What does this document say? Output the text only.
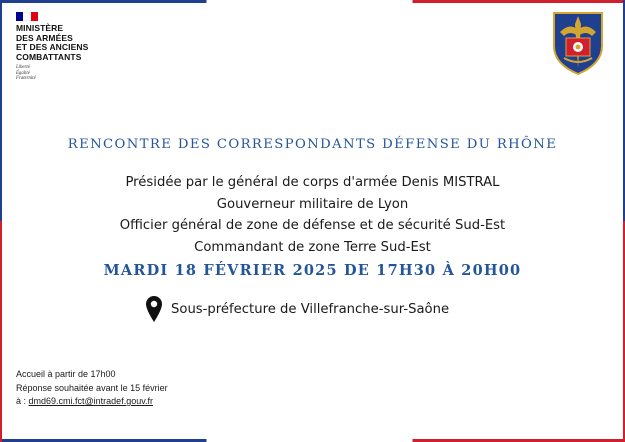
MINISTÈRE
DES ARMÉES
ET DES ANCIENS
COMBATTANTS
Liberté
Égalité
Fraternité
RENCONTRE DES CORRESPONDANTS DÉFENSE DU RHÔNE
Présidée par le général de corps d'armée Denis MISTRAL
Gouverneur militaire de Lyon
Officier général de zone de défense et de sécurité Sud-Est
Commandant de zone Terre Sud-Est
MARDI 18 FÉVRIER 2025 DE 17H30 À 20H00
Sous-préfecture de Villefranche-sur-Saône
Accueil à partir de 17h00
Réponse souhaitée avant le 15 février
à : dmd69.cmi.fct@intradef.gouv.fr
